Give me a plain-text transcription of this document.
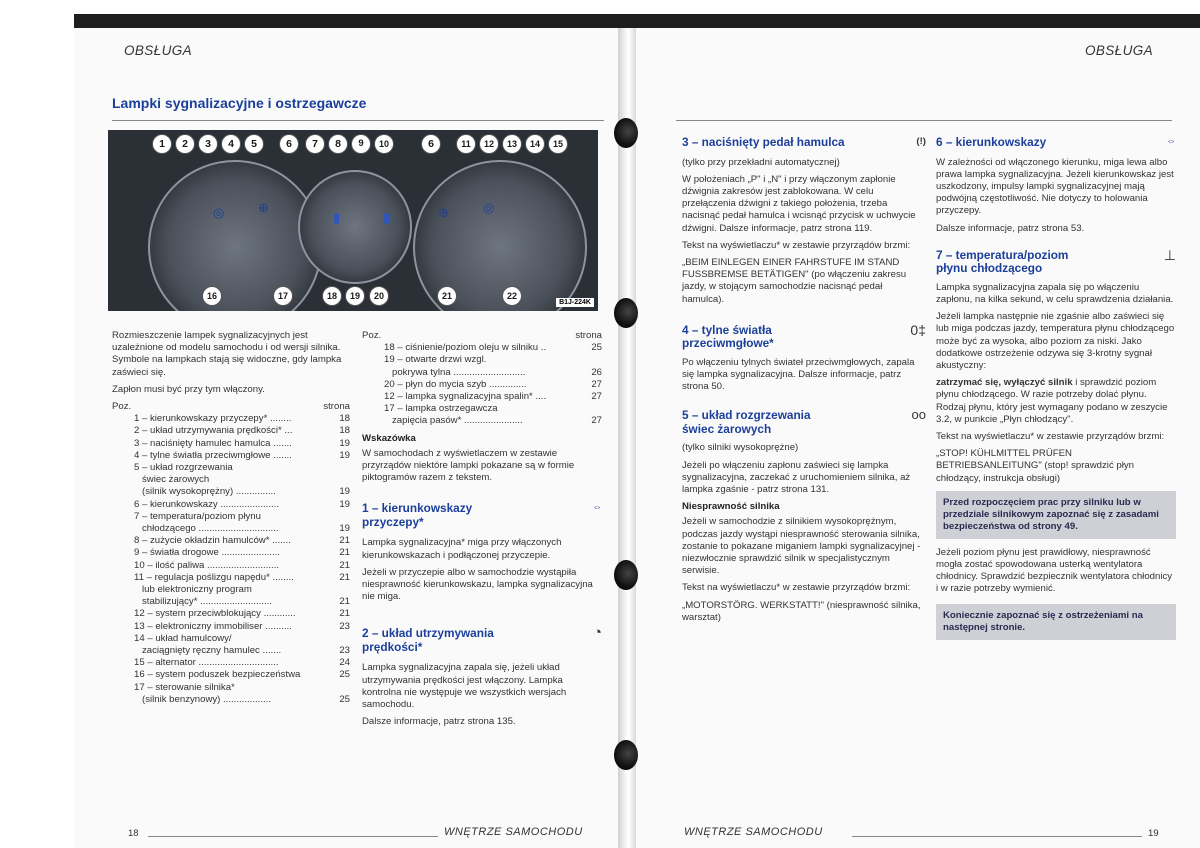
OBSŁUGA
Lampki sygnalizacyjne i ostrzegawcze
◎	⊕
▮	▮	⊕	◎
B1J-224K
1	2	3	4	5	6	7	8	9	10	6	11	12	13	14	15
16	17	18	19	20	21	22

Rozmieszczenie lampek sygnalizacyjnych jest uzależnione od modelu samochodu i od wersji silnika. Symbole na lampkach stają się widoczne, gdy lampka zaświeci się.

Zapłon musi być przy tym włączony.

Poz.	strona
1 – kierunkowskazy przyczepy* ........	18
2 – układ utrzymywania prędkości* ...	18
3 – naciśnięty hamulec hamulca .......	19
4 – tylne światła przeciwmgłowe .......	19
5 – układ rozgrzewania
świec żarowych
(silnik wysokoprężny) ...............	19
6 – kierunkowskazy ......................	19
7 – temperatura/poziom płynu
chłodzącego ..............................	19
8 – zużycie okładzin hamulców* .......	21
9 – światła drogowe ......................	21
10 – ilość paliwa ...........................	21
11 – regulacja poślizgu napędu* ........	21
lub elektroniczny program
stabilizujący* ...........................	21
12 – system przeciwblokujący ............	21
13 – elektroniczny immobiliser ..........	23
14 – układ hamulcowy/
zaciągnięty ręczny hamulec .......	23
15 – alternator ..............................	24
16 – system poduszek bezpieczeństwa	25
17 – sterowanie silnika*
(silnik benzynowy) ..................	25
Poz.	strona
18 – ciśnienie/poziom oleju w silniku ..	25
19 – otwarte drzwi wzgl.
pokrywa tylna ...........................	26
20 – płyn do mycia szyb ..............	27
12 – lampka sygnalizacyjna spalin* ....	27
17 – lampka ostrzegawcza
zapięcia pasów* ......................	27
Wskazówka

W samochodach z wyświetlaczem w zestawie przyrządów niektóre lampki pokazane są w formie piktogramów razem z tekstem.

1 – kierunkowskazy przyczepy*
⇔

Lampka sygnalizacyjna* miga przy włączonych kierunkowskazach i podłączonej przyczepie.

Jeżeli w przyczepie albo w samochodzie wystąpiła niesprawność kierunkowskazu, lampka sygnalizacyjna nie miga.

2 – układ utrzymywania prędkości*
◔

Lampka sygnalizacyjna zapala się, jeżeli układ utrzymywania prędkości jest włączony. Lampka kontrolna nie występuje we wszystkich wersjach samochodu.

Dalsze informacje, patrz strona 135.

18	WNĘTRZE SAMOCHODU
OBSŁUGA
3 – naciśnięty pedał hamulca	(!)

(tylko przy przekładni automatycznej)

W położeniach „P" i „N" i przy włączonym zapłonie dźwignia zakresów jest zablokowana. W celu przełączenia dźwigni z takiego położenia, trzeba nacisnąć pedał hamulca i wcisnąć przycisk w uchwycie dźwigni. Dalsze informacje, patrz strona 119.

Tekst na wyświetlaczu* w zestawie przyrządów brzmi:

„BEIM EINLEGEN EINER FAHRSTUFE IM STAND FUSSBREMSE BETÄTIGEN" (po włączeniu zakresu jazdy, w stojącym samochodzie nacisnąć pedał hamulca).

4 – tylne światła przeciwmgłowe*
0‡

Po włączeniu tylnych świateł przeciwmgłowych, zapala się lampka sygnalizacyjna. Dalsze informacje, patrz strona 50.

5 – układ rozgrzewania świec żarowych
oo

(tylko silniki wysokoprężne)

Jeżeli po włączeniu zapłonu zaświeci się lampka sygnalizacyjna, zaczekać z uruchomieniem silnika, aż lampka zgaśnie - patrz strona 131.

Niesprawność silnika

Jeżeli w samochodzie z silnikiem wysokoprężnym, podczas jazdy wystąpi niesprawność sterowania silnika, zostanie to pokazane miganiem lampki sygnalizacyjnej - niezwłocznie sprawdzić silnik w specjalistycznym serwisie.

Tekst na wyświetlaczu* w zestawie przyrządów brzmi:

„MOTORSTÖRG. WERKSTATT!" (niesprawność silnika, warsztat)

6 – kierunkowskazy	⇔

W zależności od włączonego kierunku, miga lewa albo prawa lampka sygnalizacyjna. Jeżeli kierunkowskaz jest uszkodzony, impulsy lampki sygnalizacyjnej mają podwójną częstotliwość. Nie dotyczy to holowania przyczepy.

Dalsze informacje, patrz strona 53.

7 – temperatura/poziom płynu chłodzącego
⊥

Lampka sygnalizacyjna zapala się po włączeniu zapłonu, na kilka sekund, w celu sprawdzenia działania.

Jeżeli lampka następnie nie zgaśnie albo zaświeci się lub miga podczas jazdy, temperatura płynu chłodzącego może być za wysoka, albo poziom za niski. Jako dodatkowe ostrzeżenie odzywa się 3-krotny sygnał akustyczny:

zatrzymać się, wyłączyć silnik i sprawdzić poziom płynu chłodzącego. W razie potrzeby dolać płynu. Rodzaj płynu, który jest wymagany podano w zeszycie 3.2, w punkcie „Płyn chłodzący".

Tekst na wyświetlaczu* w zestawie przyrządów brzmi:

„STOP! KÜHLMITTEL PRÜFEN BETRIEBSANLEITUNG" (stop! sprawdzić płyn chłodzący, instrukcja obsługi)

Przed rozpoczęciem prac przy silniku lub w przedziale silnikowym zapoznać się z zasadami bezpieczeństwa od strony 49.

Jeżeli poziom płynu jest prawidłowy, niesprawność mogła zostać spowodowana usterką wentylatora chłodnicy. Sprawdzić bezpiecznik wentylatora chłodnicy i w razie potrzeby wymienić.

Koniecznie zapoznać się z ostrzeżeniami na następnej stronie.
WNĘTRZE SAMOCHODU	19
